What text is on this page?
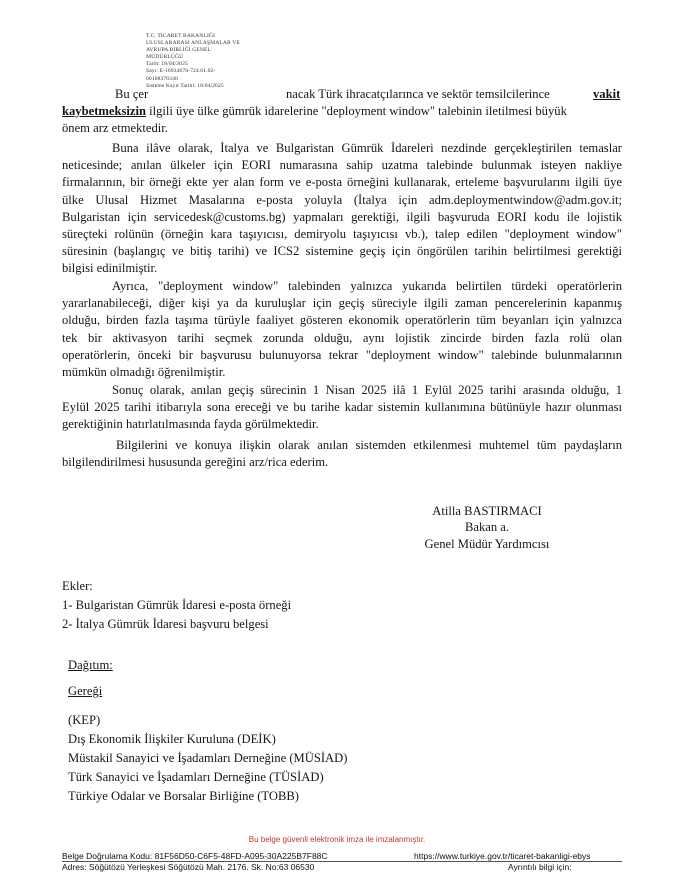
T.C. TİCARET BAKANLIĞI
ULUSLARARASI ANLAŞMALAR VE
AVRUPA BİRLİĞİ GENEL
MÜDÜRLÜĞÜ
Tarih: 18/04/2025
Sayı: E-16934678-724.01.02-
00108376340
Sisteme Kayıt Tarihi: 18/04/2025
Bu çer	nacak Türk ihracatçılarınca ve sektör temsilcilerince	vakit
kaybetmeksizin ilgili üye ülke gümrük idarelerine "deployment window" talebinin iletilmesi büyük
önem arz etmektedir.
Buna ilâve olarak, İtalya ve Bulgaristan Gümrük İdareleri nezdinde gerçekleştirilen temaslar
neticesinde; anılan ülkeler için EORI numarasına sahip uzatma talebinde bulunmak isteyen nakliye
firmalarının, bir örneği ekte yer alan form ve e-posta örneğini kullanarak, erteleme başvurularını ilgili üye
ülke Ulusal Hizmet Masalarına e-posta yoluyla (İtalya için adm.deploymentwindow@adm.gov.it;
Bulgaristan için servicedesk@customs.bg) yapmaları gerektiği, ilgili başvuruda EORI kodu ile lojistik
süreçteki rolünün (örneğin kara taşıyıcısı, demiryolu taşıyıcısı vb.), talep edilen "deployment window"
süresinin (başlangıç ve bitiş tarihi) ve ICS2 sistemine geçiş için öngörülen tarihin belirtilmesi gerektiği
bilgisi edinilmiştir.
Ayrıca, "deployment window" talebinden yalnızca yukarıda belirtilen türdeki operatörlerin
yararlanabileceği, diğer kişi ya da kuruluşlar için geçiş süreciyle ilgili zaman pencerelerinin kapanmış
olduğu, birden fazla taşıma türüyle faaliyet gösteren ekonomik operatörlerin tüm beyanları için yalnızca
tek bir aktivasyon tarihi seçmek zorunda olduğu, aynı lojistik zincirde birden fazla rolü olan
operatörlerin, önceki bir başvurusu bulunuyorsa tekrar "deployment window" talebinde bulunmalarının
mümkün olmadığı öğrenilmiştir.
Sonuç olarak, anılan geçiş sürecinin 1 Nisan 2025 ilâ 1 Eylül 2025 tarihi arasında olduğu, 1
Eylül 2025 tarihi itibarıyla sona ereceği ve bu tarihe kadar sistemin kullanımına bütünüyle hazır olunması
gerektiğinin hatırlatılmasında fayda görülmektedir.
Bilgilerini ve konuya ilişkin olarak anılan sistemden etkilenmesi muhtemel tüm paydaşların
bilgilendirilmesi hususunda gereğini arz/rica ederim.
Atilla BASTIRMACI
Bakan a.
Genel Müdür Yardımcısı
Ekler:
1- Bulgaristan Gümrük İdaresi e-posta örneği
2- İtalya Gümrük İdaresi başvuru belgesi
Dağıtım:
Gereği
(KEP)
Dış Ekonomik İlişkiler Kuruluna (DEİK)
Müstakil Sanayici ve İşadamları Derneğine (MÜSİAD)
Türk Sanayici ve İşadamları Derneğine (TÜSİAD)
Türkiye Odalar ve Borsalar Birliğine (TOBB)
Bu belge güvenli elektronik imza ile imzalanmıştır.
Belge Doğrulama Kodu: 81F56D50-C6F5-48FD-A095-30A225B7F88C	https://www.turkiye.gov.tr/ticaret-bakanligi-ebys
Adres: Söğütözü Yerleşkesi Söğütözü Mah. 2176. Sk. No:63 06530	Ayrıntılı bilgi için:
